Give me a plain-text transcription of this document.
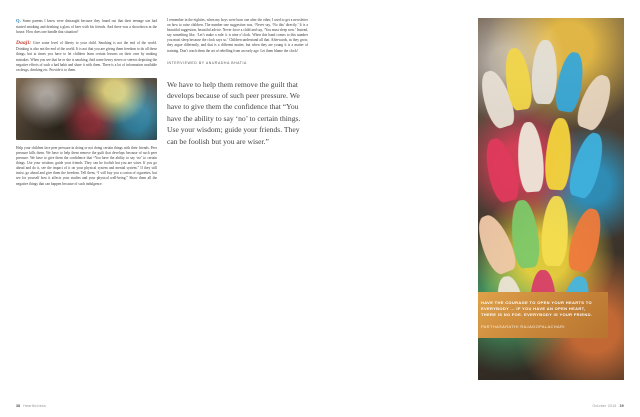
Q. Some parents I know were distraught because they found out that their teenage son had started smoking and drinking a glass of beer with his friends. And there was a showdown in the house. How does one handle that situation?

Daaji: Give some level of liberty to your child. Smoking is not the end of the world. Drinking is also not the end of the world. It is not that you are giving them freedom to do all these things, but at times you have to let children learn certain lessons on their own by making mistakes. When you see that he or she is smoking, find some heavy stereo or stereos depicting the negative effects of such a bad habit and share it with them. There is a lot of information available on drugs, drinking etc. Provide it to them.

Help your children face peer pressure in doing or not doing certain things with their friends. Peer pressure kills them. We have to help them remove the guilt that develops because of such peer pressure. We have to give them the confidence that “You have the ability to say ‘no’ to certain things. Use your wisdom; guide your friends. They can be foolish but you are wiser. If you go ahead and do it, see the impact of it on your physical system and mental system.” If they still insist, go ahead and give them the freedom. Tell them, “I will buy you a carton of cigarettes, but see for yourself how it affects your studies and your physical well-being.” Show them all the negative things that can happen because of such indulgence.

I remember in the eighties, when my boys were born one after the other, I used to get a newsletter on how to raise children. The number one suggestion was, ‘Never say, ‘No this' directly.’ It is a beautiful suggestion, beautiful advice. Never force a child and say, ‘You must sleep now.’ Instead, say something like, ‘Let’s make a rule: it is nine o’clock. When this hand comes to this number you must sleep because the clock says so.’ Children understand all that. Afterwards, as they grow, they argue differently, and that is a different matter, but when they are young it is a matter of training. Don’t teach them the art of rebelling from an early age. Let them blame the clock!

INTERVIEWED BY ANURADHA BHATIA
We have to help them remove the guilt that develops because of such peer pressure. We have to give them the confidence that “You have the ability to say ‘no’ to certain things. Use your wisdom; guide your friends. They can be foolish but you are wiser.”
38 Heartfulness

HAVE THE COURAGE TO OPEN YOUR HEARTS TO EVERYBODY ... IF YOU HAVE AN OPEN HEART, THERE IS NO FOE. EVERYBODY IS YOUR FRIEND.

PARTHASARATHI RAJAGOPALACHARI

October 2016 39
